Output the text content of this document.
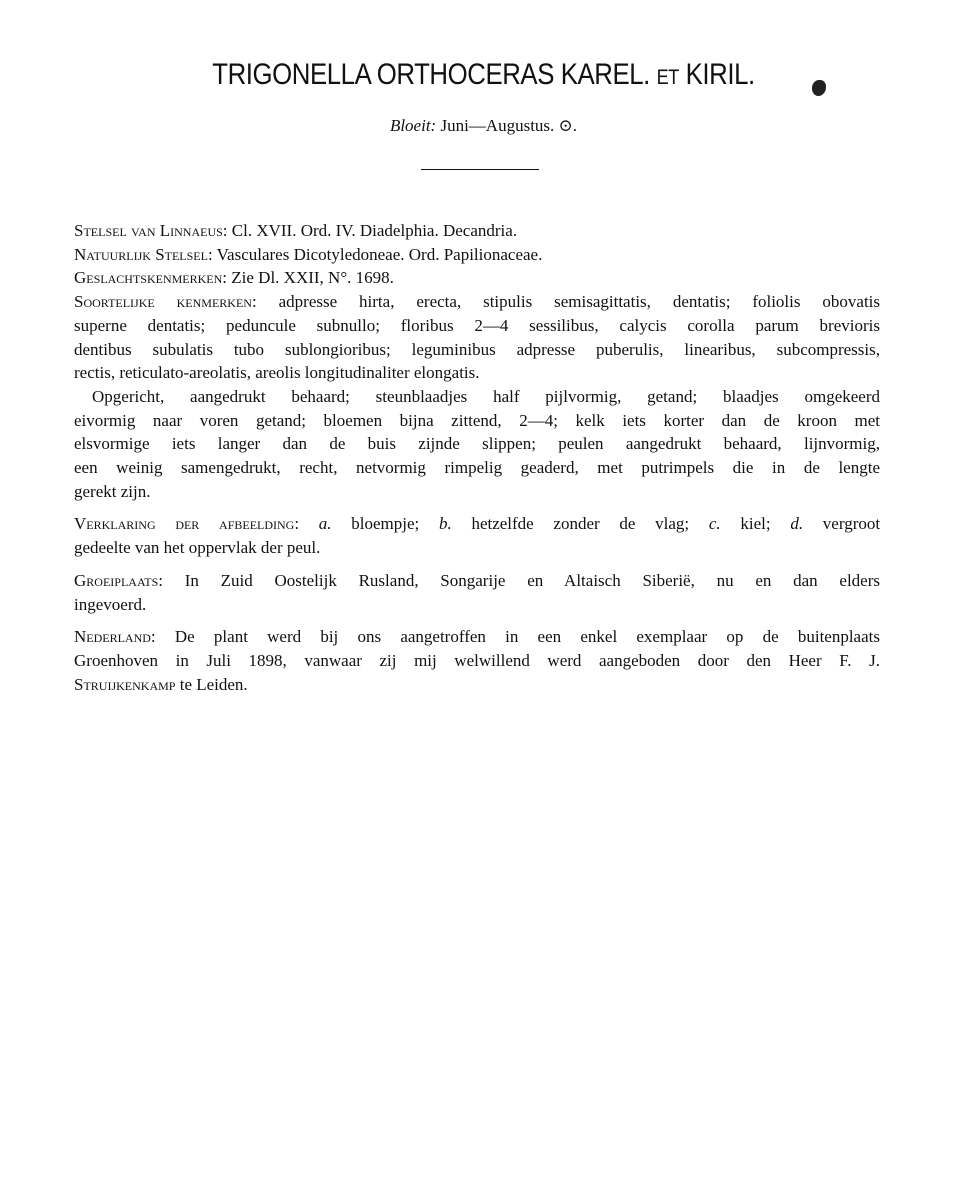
TRIGONELLA ORTHOCERAS KAREL. ET KIRIL.
Bloeit: Juni—Augustus. ⊙.
Stelsel van Linnaeus: Cl. XVII. Ord. IV. Diadelphia. Decandria.
Natuurlijk Stelsel: Vasculares Dicotyledoneae. Ord. Papilionaceae.
Geslachtskenmerken: Zie Dl. XXII, N°. 1698.
Soortelijke kenmerken: adpresse hirta, erecta, stipulis semisagittatis, dentatis; foliolis obovatis
superne dentatis; peduncule subnullo; floribus 2—4 sessilibus, calycis corolla parum brevioris
dentibus subulatis tubo sublongioribus; leguminibus adpresse puberulis, linearibus, subcompressis,
rectis, reticulato-areolatis, areolis longitudinaliter elongatis.
Opgericht, aangedrukt behaard; steunblaadjes half pijlvormig, getand; blaadjes omgekeerd
eivormig naar voren getand; bloemen bijna zittend, 2—4; kelk iets korter dan de kroon met
elsvormige iets langer dan de buis zijnde slippen; peulen aangedrukt behaard, lijnvormig,
een weinig samengedrukt, recht, netvormig rimpelig geaderd, met putrimpels die in de lengte
gerekt zijn.
Verklaring der afbeelding: a. bloempje; b. hetzelfde zonder de vlag; c. kiel; d. vergroot
gedeelte van het oppervlak der peul.
Groeiplaats: In Zuid Oostelijk Rusland, Songarije en Altaisch Siberië, nu en dan elders
ingevoerd.
Nederland: De plant werd bij ons aangetroffen in een enkel exemplaar op de buitenplaats
Groenhoven in Juli 1898, vanwaar zij mij welwillend werd aangeboden door den Heer F. J.
Struijkenkamp te Leiden.
